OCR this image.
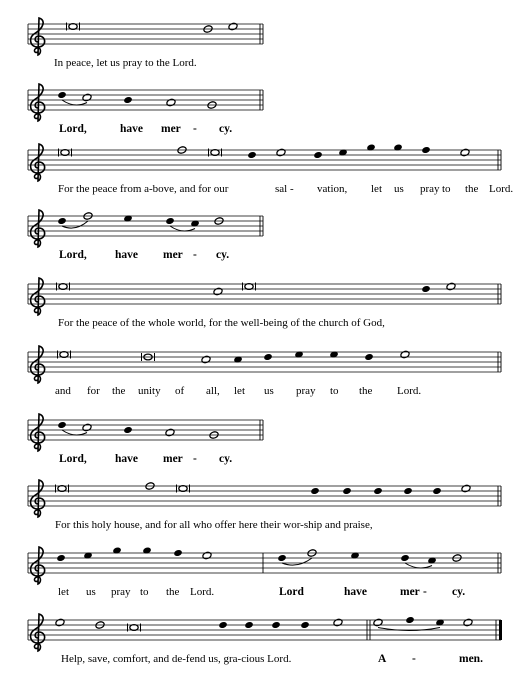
In peace, let us pray to the Lord.
Lord,	have mer - cy.
For the peace from a-bove, and for our	sal - vation, let us pray to the Lord.
Lord, have mer - cy.
For the peace of the whole world, for the well-being of the church of God,
and for the unity of all, let us pray to the Lord.
Lord, have mer - cy.
For this holy house, and for all who offer here their wor-ship and praise,
let us pray to the Lord.	Lord	have	mer - cy.
Help, save, comfort, and de-fend us, gra-cious Lord.	A -	men.
